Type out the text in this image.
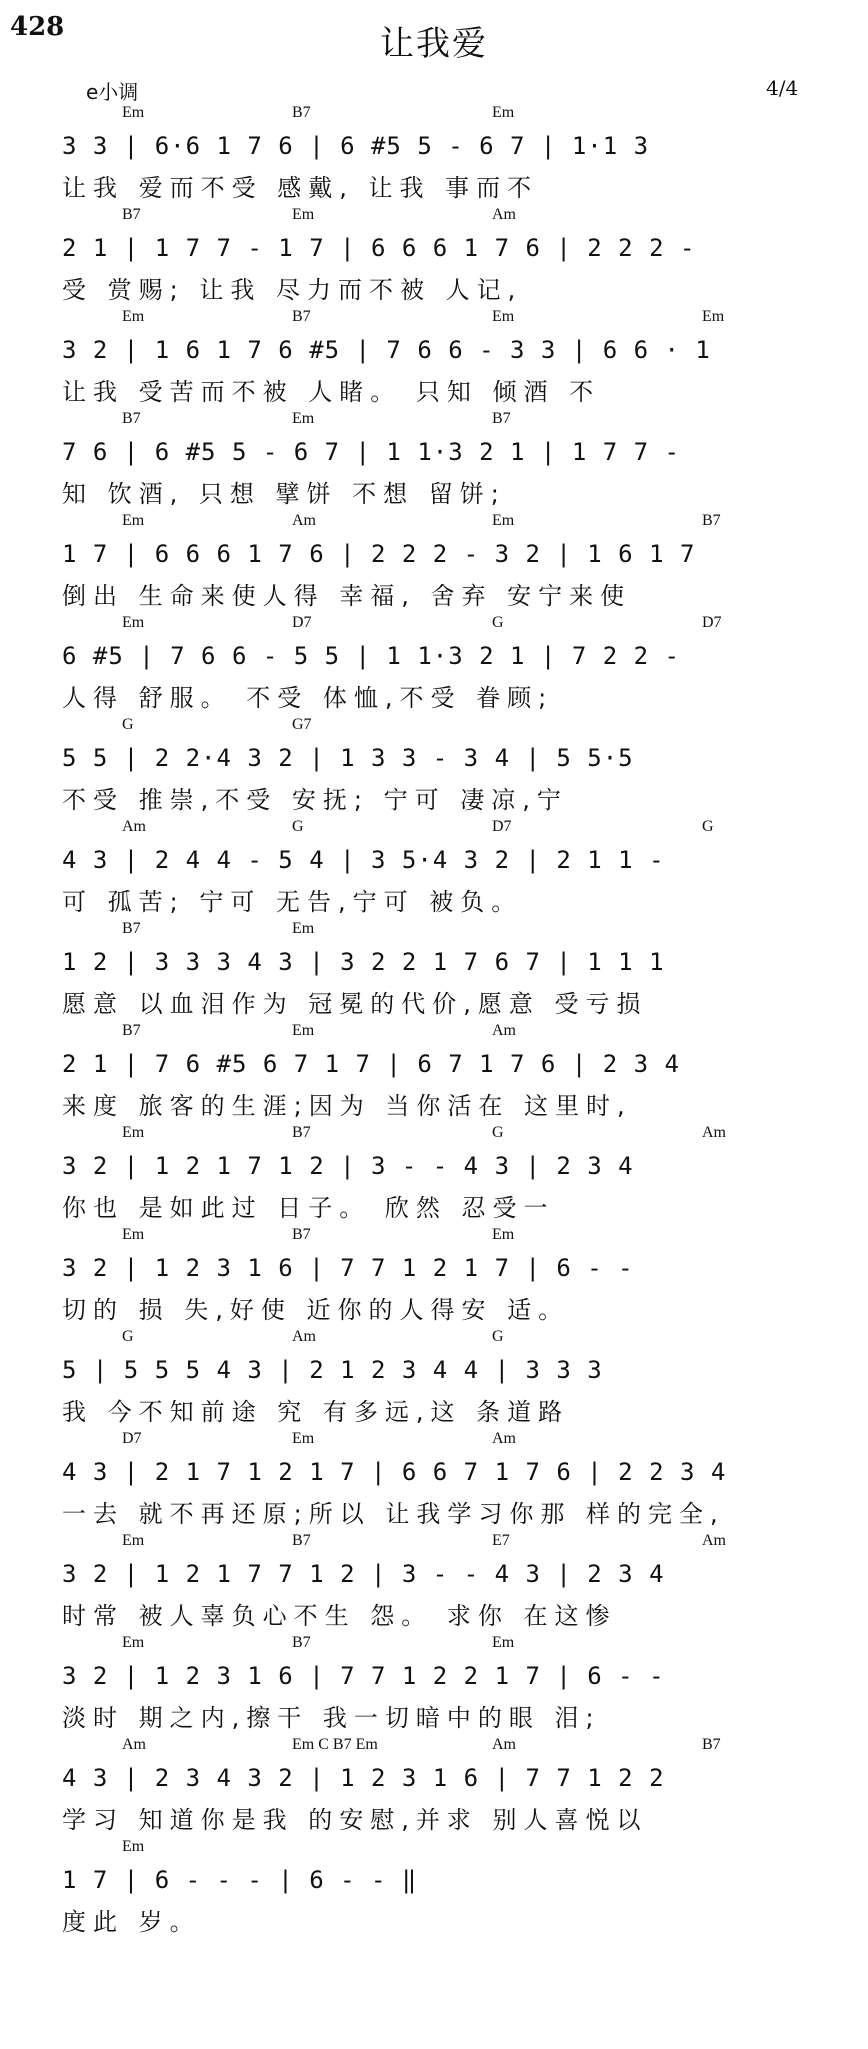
428	让我爱
e小调	4/4
Em	B7	Em
3 3 | 6·6 1 7 6 | 6 #5 5 - 6 7 | 1·1 3
让我 爱而不受 感戴, 让我 事而不
B7	Em	Am
2 1 | 1 7 7 - 1 7 | 6 6 6 1 7 6 | 2 2 2 -
受 赏赐; 让我 尽力而不被 人记,
Em	B7	Em	Em
3 2 | 1 6 1 7 6 #5 | 7 6 6 - 3 3 | 6 6 · 1
让我 受苦而不被 人睹。 只知 倾酒 不
B7	Em	B7
7 6 | 6 #5 5 - 6 7 | 1 1·3 2 1 | 1 7 7 -
知 饮酒, 只想 擘饼 不想 留饼;
Em	Am	Em	B7
1 7 | 6 6 6 1 7 6 | 2 2 2 - 3 2 | 1 6 1 7
倒出 生命来使人得 幸福, 舍弃 安宁来使
Em	D7	G	D7
6 #5 | 7 6 6 - 5 5 | 1 1·3 2 1 | 7 2 2 -
人得 舒服。 不受 体恤,不受 眷顾;
G	G7
5 5 | 2 2·4 3 2 | 1 3 3 - 3 4 | 5 5·5
不受 推崇,不受 安抚; 宁可 凄凉,宁
Am	G	D7	G
4 3 | 2 4 4 - 5 4 | 3 5·4 3 2 | 2 1 1 -
可 孤苦; 宁可 无告,宁可 被负。
B7	Em
1 2 | 3 3 3 4 3 | 3 2 2 1 7 6 7 | 1 1 1
愿意 以血泪作为 冠冕的代价,愿意 受亏损
B7	Em	Am
2 1 | 7 6 #5 6 7 1 7 | 6 7 1 7 6 | 2 3 4
来度 旅客的生涯;因为 当你活在 这里时,
Em	B7	G	Am
3 2 | 1 2 1 7 1 2 | 3 - - 4 3 | 2 3 4
你也 是如此过 日子。 欣然 忍受一
Em	B7	Em
3 2 | 1 2 3 1 6 | 7 7 1 2 1 7 | 6 - -
切的 损 失,好使 近你的人得安 适。
G	Am	G
5 | 5 5 5 4 3 | 2 1 2 3 4 4 | 3 3 3
我 今不知前途 究 有多远,这 条道路
D7	Em	Am
4 3 | 2 1 7 1 2 1 7 | 6 6 7 1 7 6 | 2 2 3 4
一去 就不再还原;所以 让我学习你那 样的完全,
Em	B7	E7	Am
3 2 | 1 2 1 7 7 1 2 | 3 - - 4 3 | 2 3 4
时常 被人辜负心不生 怨。 求你 在这惨
Em	B7	Em
3 2 | 1 2 3 1 6 | 7 7 1 2 2 1 7 | 6 - -
淡时 期之内,擦干 我一切暗中的眼 泪;
Am	Em C B7 Em	Am	B7
4 3 | 2 3 4 3 2 | 1 2 3 1 6 | 7 7 1 2 2
学习 知道你是我 的安慰,并求 别人喜悦以
Em
1 7 | 6 - - - | 6 - - ‖
度此 岁。
